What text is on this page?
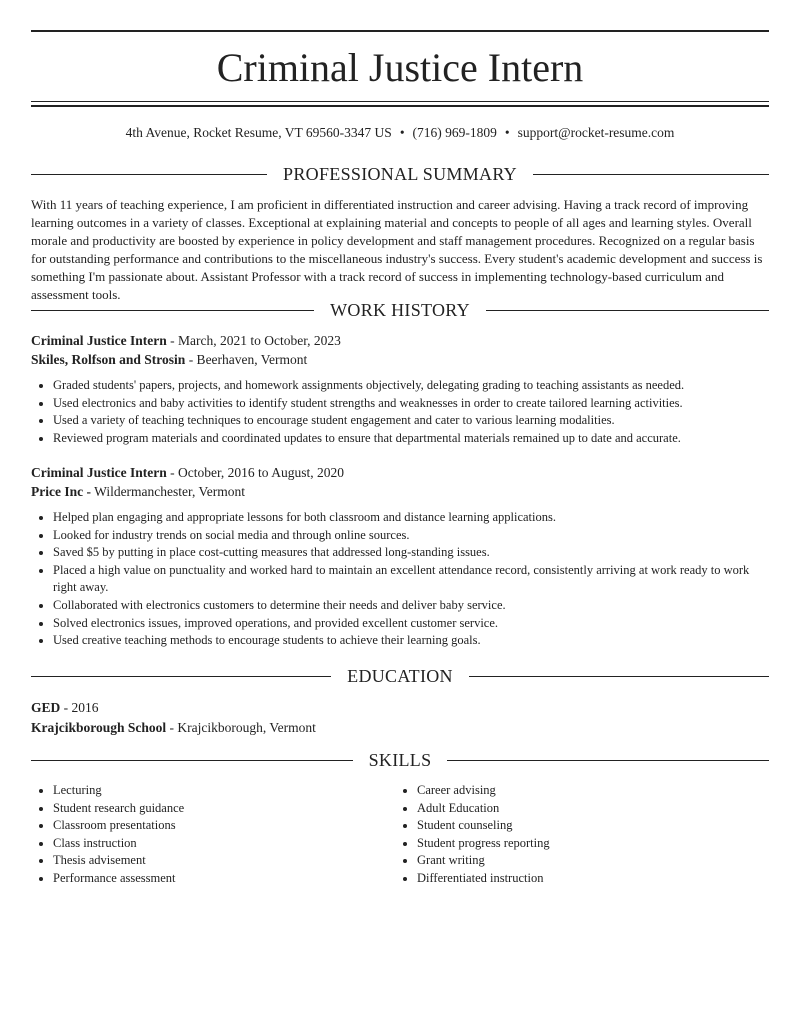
Criminal Justice Intern
4th Avenue, Rocket Resume, VT 69560-3347 US • (716) 969-1809 • support@rocket-resume.com
PROFESSIONAL SUMMARY

With 11 years of teaching experience, I am proficient in differentiated instruction and career advising. Having a track record of improving learning outcomes in a variety of classes. Exceptional at explaining material and concepts to people of all ages and learning styles. Overall morale and productivity are boosted by experience in policy development and staff management procedures. Recognized on a regular basis for outstanding performance and contributions to the miscellaneous industry's success. Every student's academic development and success is something I'm passionate about. Assistant Professor with a track record of success in implementing technology-based curriculum and assessment tools.

WORK HISTORY
Criminal Justice Intern - March, 2021 to October, 2023
Skiles, Rolfson and Strosin - Beerhaven, Vermont
• Graded students' papers, projects, and homework assignments objectively, delegating grading to teaching assistants as needed.
• Used electronics and baby activities to identify student strengths and weaknesses in order to create tailored learning activities.
• Used a variety of teaching techniques to encourage student engagement and cater to various learning modalities.
• Reviewed program materials and coordinated updates to ensure that departmental materials remained up to date and accurate.
Criminal Justice Intern - October, 2016 to August, 2020
Price Inc - Wildermanchester, Vermont
• Helped plan engaging and appropriate lessons for both classroom and distance learning applications.
• Looked for industry trends on social media and through online sources.
• Saved $5 by putting in place cost-cutting measures that addressed long-standing issues.
• Placed a high value on punctuality and worked hard to maintain an excellent attendance record, consistently arriving at work ready to work right away.
• Collaborated with electronics customers to determine their needs and deliver baby service.
• Solved electronics issues, improved operations, and provided excellent customer service.
• Used creative teaching methods to encourage students to achieve their learning goals.
EDUCATION
GED - 2016
Krajcikborough School - Krajcikborough, Vermont
SKILLS
• Lecturing
• Student research guidance
• Classroom presentations
• Class instruction
• Thesis advisement
• Performance assessment
• Career advising
• Adult Education
• Student counseling
• Student progress reporting
• Grant writing
• Differentiated instruction
